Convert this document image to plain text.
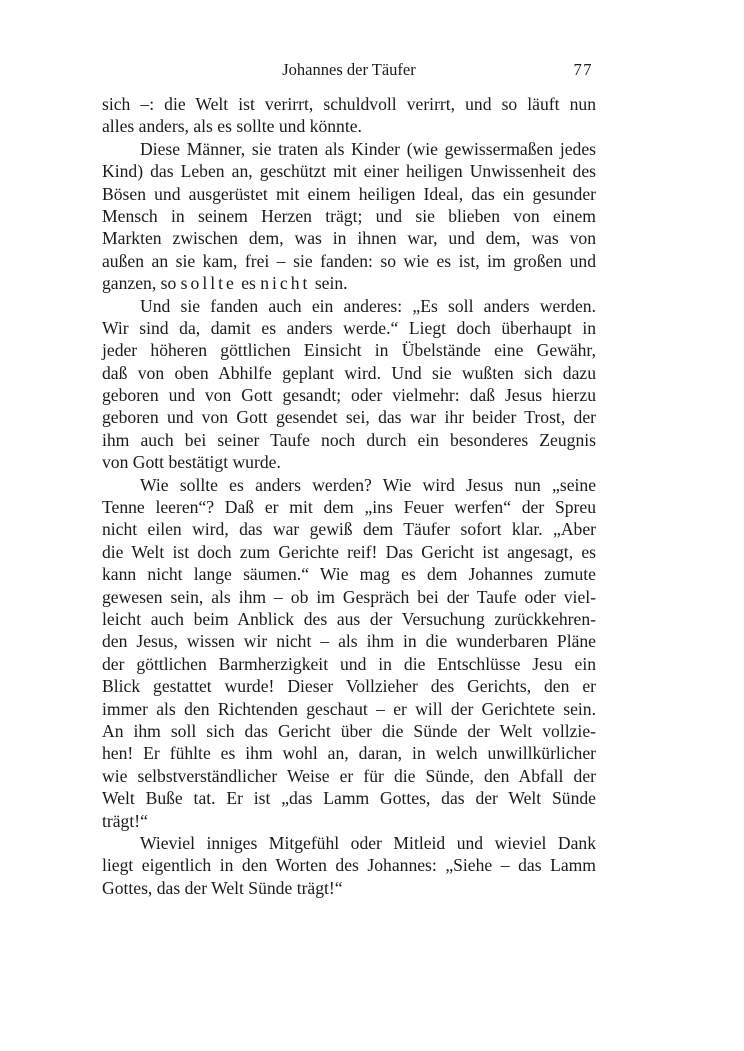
Johannes der Täufer	77
sich –: die Welt ist verirrt, schuldvoll verirrt, und so läuft nun
alles anders, als es sollte und könnte.
Diese Männer, sie traten als Kinder (wie gewissermaßen jedes
Kind) das Leben an, geschützt mit einer heiligen Unwissenheit des
Bösen und ausgerüstet mit einem heiligen Ideal, das ein gesunder
Mensch in seinem Herzen trägt; und sie blieben von einem
Markten zwischen dem, was in ihnen war, und dem, was von
außen an sie kam, frei – sie fanden: so wie es ist, im großen und
ganzen, so sollte es nicht sein.
Und sie fanden auch ein anderes: „Es soll anders werden.
Wir sind da, damit es anders werde.“ Liegt doch überhaupt in
jeder höheren göttlichen Einsicht in Übelstände eine Gewähr,
daß von oben Abhilfe geplant wird. Und sie wußten sich dazu
geboren und von Gott gesandt; oder vielmehr: daß Jesus hierzu
geboren und von Gott gesendet sei, das war ihr beider Trost, der
ihm auch bei seiner Taufe noch durch ein besonderes Zeugnis
von Gott bestätigt wurde.
Wie sollte es anders werden? Wie wird Jesus nun „seine
Tenne leeren“? Daß er mit dem „ins Feuer werfen“ der Spreu
nicht eilen wird, das war gewiß dem Täufer sofort klar. „Aber
die Welt ist doch zum Gerichte reif! Das Gericht ist angesagt, es
kann nicht lange säumen.“ Wie mag es dem Johannes zumute
gewesen sein, als ihm – ob im Gespräch bei der Taufe oder viel-
leicht auch beim Anblick des aus der Versuchung zurückkehren-
den Jesus, wissen wir nicht – als ihm in die wunderbaren Pläne
der göttlichen Barmherzigkeit und in die Entschlüsse Jesu ein
Blick gestattet wurde! Dieser Vollzieher des Gerichts, den er
immer als den Richtenden geschaut – er will der Gerichtete sein.
An ihm soll sich das Gericht über die Sünde der Welt vollzie-
hen! Er fühlte es ihm wohl an, daran, in welch unwillkürlicher
wie selbstverständlicher Weise er für die Sünde, den Abfall der
Welt Buße tat. Er ist „das Lamm Gottes, das der Welt Sünde
trägt!“
Wieviel inniges Mitgefühl oder Mitleid und wieviel Dank
liegt eigentlich in den Worten des Johannes: „Siehe – das Lamm
Gottes, das der Welt Sünde trägt!“
